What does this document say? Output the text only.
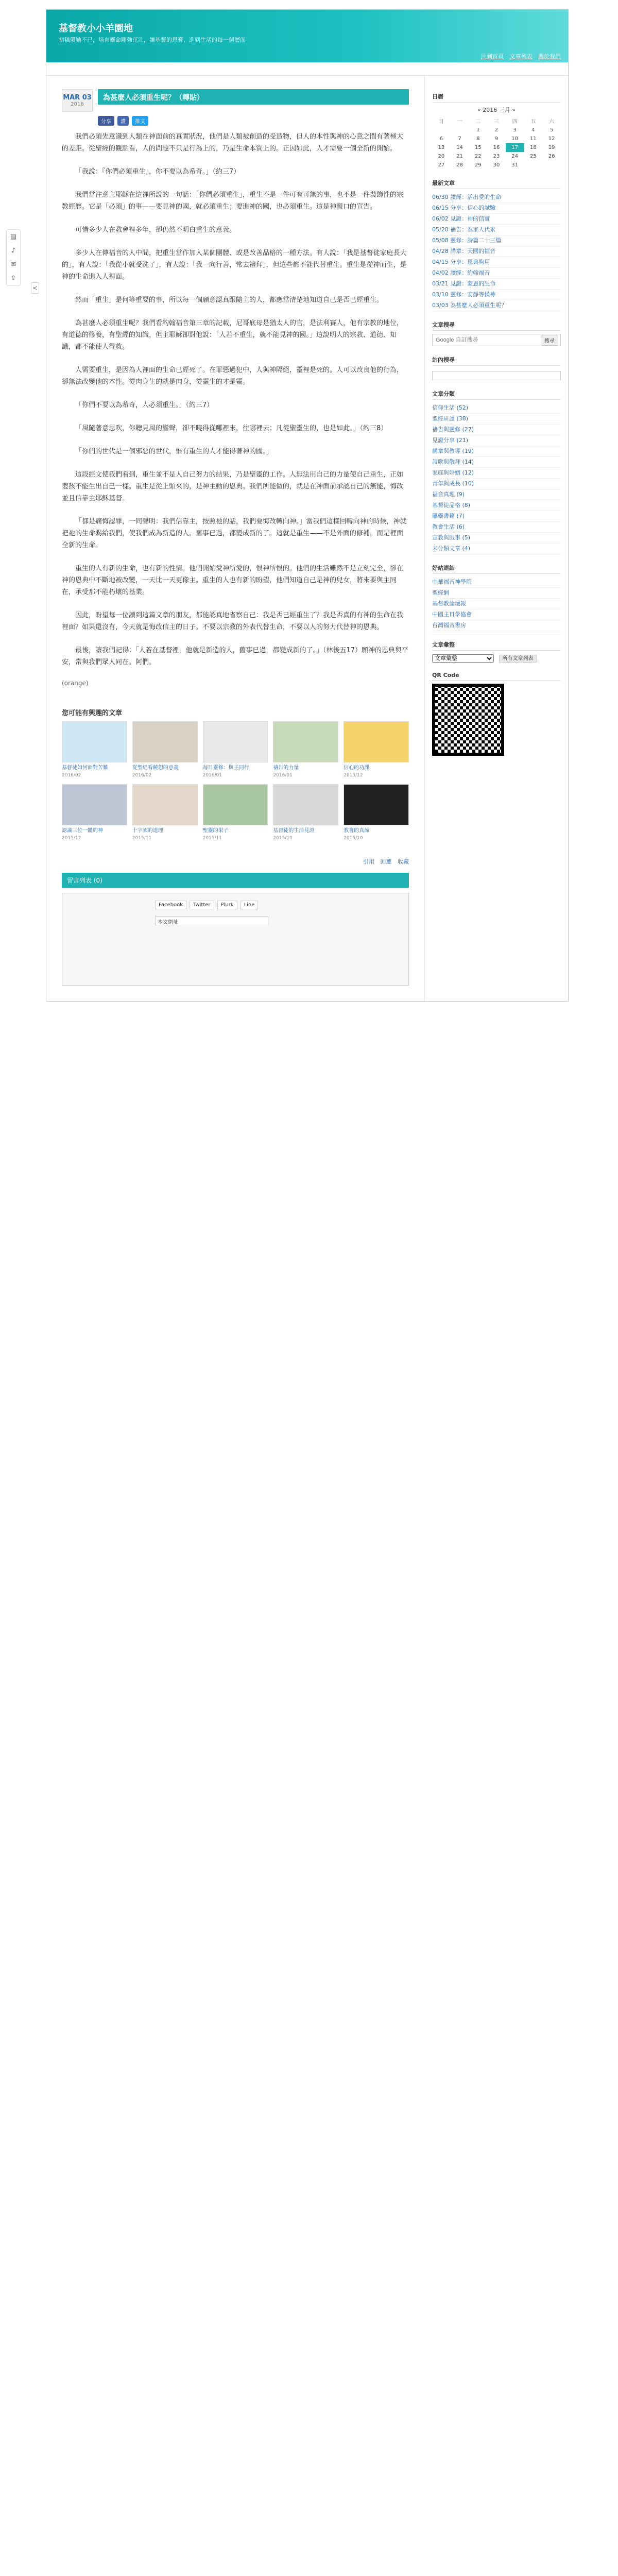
▤
♪
✉
⇪
<
基督教小小羊園地
初稿殷勤不已，培育靈命剛強茁壯，讓基督的恩膏，進到生活的每一個層面
回到首頁 文章列表 關於我們
MAR 03
2016
為甚麼人必須重生呢？（轉貼）
分享	讚	推文

我們必須先意識到人類在神面前的真實狀況，他們是人類被創造的受造物，但人的本性與神的心意之間有著極大的差距。從聖經的觀點看，人的問題不只是行為上的，乃是生命本質上的。正因如此，人才需要一個全新的開始。

「我說：『你們必須重生』，你不要以為希奇。」（約三7）

我們當注意主耶穌在這裡所說的一句話：「你們必須重生」，重生不是一件可有可無的事，也不是一件裝飾性的宗教經歷。它是「必須」的事——要見神的國，就必須重生；要進神的國，也必須重生。這是神親口的宣告。

可惜多少人在教會裡多年，卻仍然不明白重生的意義。

多少人在傳福音的人中間，把重生當作加入某個團體、或是改善品格的一種方法。有人說：「我是基督徒家庭長大的」，有人說：「我從小就受洗了」，有人說：「我一向行善，常去禮拜」，但這些都不能代替重生。重生是從神而生，是神的生命進入人裡面。

然而「重生」是何等重要的事，所以每一個願意認真跟隨主的人，都應當清楚地知道自己是否已經重生。

為甚麼人必須重生呢？我們看約翰福音第三章的記載，尼哥底母是猶太人的官，是法利賽人，他有宗教的地位，有道德的修養，有聖經的知識，但主耶穌卻對他說：「人若不重生，就不能見神的國。」這說明人的宗教、道德、知識，都不能使人得救。

人需要重生，是因為人裡面的生命已經死了。在罪惡過犯中，人與神隔絕，靈裡是死的。人可以改良他的行為，卻無法改變他的本性。從肉身生的就是肉身，從靈生的才是靈。

「你們不要以為希奇，人必須重生。」（約三7）
「風隨著意思吹，你聽見風的響聲，卻不曉得從哪裡來，往哪裡去；凡從聖靈生的，也是如此。」（約三8）
「你們的世代是一個邪惡的世代，惟有重生的人才能得著神的國。」

這段經文使我們看到，重生並不是人自己努力的結果，乃是聖靈的工作。人無法用自己的力量使自己重生，正如嬰孩不能生出自己一樣。重生是從上頭來的，是神主動的恩典。我們所能做的，就是在神面前承認自己的無能，悔改並且信靠主耶穌基督。

「都是痛悔認罪，一同聲明：我們信靠主，按照祂的話，我們要悔改轉向神。」當我們這樣回轉向神的時候，神就把祂的生命賜給我們，使我們成為新造的人。舊事已過，都變成新的了。這就是重生——不是外面的修補，而是裡面全新的生命。

重生的人有新的生命，也有新的性情。他們開始愛神所愛的，恨神所恨的。他們的生活雖然不是立刻完全，卻在神的恩典中不斷地被改變，一天比一天更像主。重生的人也有新的盼望，他們知道自己是神的兒女，將來要與主同在，承受那不能朽壞的基業。

因此，盼望每一位讀到這篇文章的朋友，都能認真地省察自己：我是否已經重生了？我是否真的有神的生命在我裡面？如果還沒有，今天就是悔改信主的日子。不要以宗教的外表代替生命，不要以人的努力代替神的恩典。

最後，讓我們記得：「人若在基督裡，他就是新造的人，舊事已過，都變成新的了。」（林後五17）願神的恩典與平安，常與我們眾人同在。阿們。

(orange)
您可能有興趣的文章
基督徒如何面對苦難
2016/02
從聖經看饒恕的意義
2016/02
每日靈修：與主同行
2016/01
禱告的力量
2016/01
信心的功課
2015/12
認識三位一體的神
2015/12
十字架的道理
2015/11
聖靈的果子
2015/11
基督徒的生活見證
2015/10
教會的真諦
2015/10
引用 回應 收藏
留言列表 (0)
Facebook	Twitter	Plurk	Line
本文網址
日曆
« 2016 三月 »
日	一	二	三	四	五	六
		1	2	3	4	5
6	7	8	9	10	11	12
13	14	15	16	17	18	19
20	21	22	23	24	25	26
27	28	29	30	31		
最新文章
06/30 讀經：活出愛的生命
06/15 分享：信心的試驗
06/02 見證：神的信實
05/20 禱告：為家人代求
05/08 靈修：詩篇二十三篇
04/28 講章：天國的福音
04/15 分享：恩典夠用
04/02 讀經：約翰福音
03/21 見證：蒙恩的生命
03/10 靈修：安靜等候神
03/03 為甚麼人必須重生呢？
文章搜尋
Google 自訂搜尋
搜尋
站內搜尋
文章分類
信仰生活 (52)
聖經研讀 (38)
禱告與靈修 (27)
見證分享 (21)
講章與教導 (19)
詩歌與敬拜 (14)
家庭與婚姻 (12)
青年與成長 (10)
福音真理 (9)
基督徒品格 (8)
屬靈書籍 (7)
教會生活 (6)
宣教與服事 (5)
未分類文章 (4)
好站連結
中華福音神學院
聖經網
基督教論壇報
中國主日學協會
台灣福音書房
文章彙整
文章彙整 所有文章列表
QR Code
